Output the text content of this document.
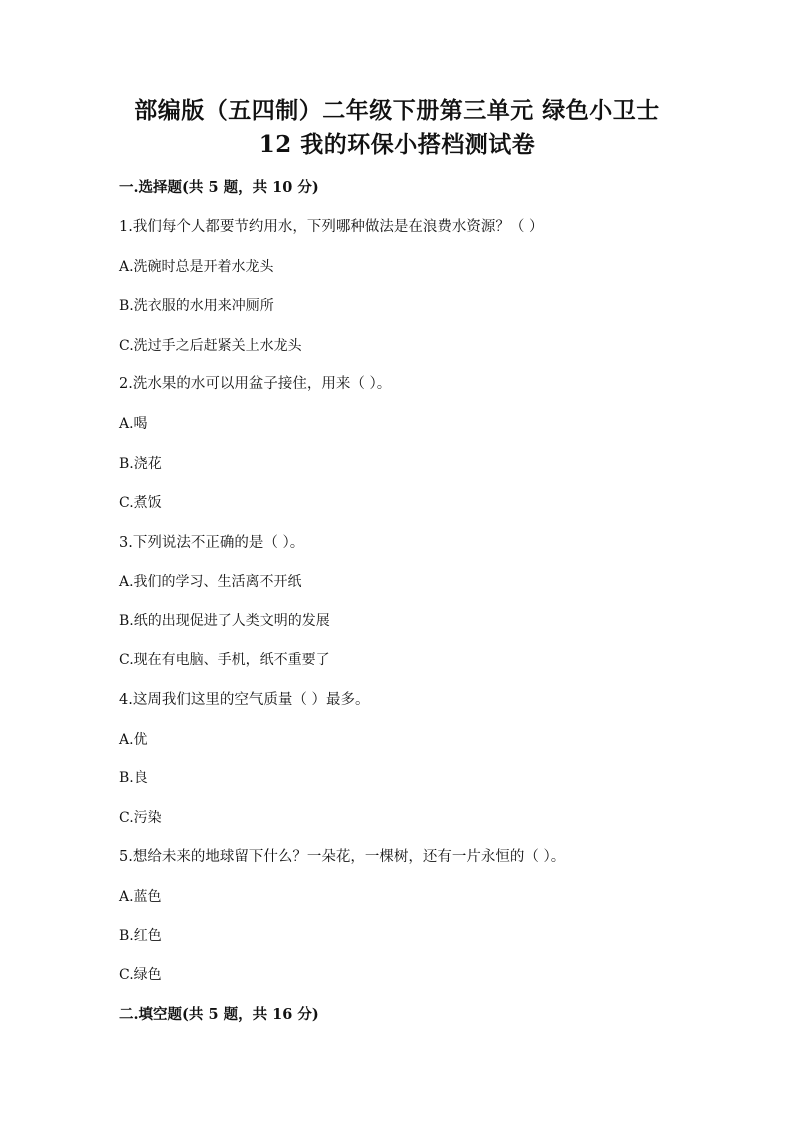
部编版（五四制）二年级下册第三单元 绿色小卫士
12 我的环保小搭档测试卷
一.选择题(共 5 题，共 10 分)
1.我们每个人都要节约用水，下列哪种做法是在浪费水资源？（ ）
A.洗碗时总是开着水龙头
B.洗衣服的水用来冲厕所
C.洗过手之后赶紧关上水龙头
2.洗水果的水可以用盆子接住，用来（ ）。
A.喝
B.浇花
C.煮饭
3.下列说法不正确的是（ ）。
A.我们的学习、生活离不开纸
B.纸的出现促进了人类文明的发展
C.现在有电脑、手机，纸不重要了
4.这周我们这里的空气质量（ ）最多。
A.优
B.良
C.污染
5.想给未来的地球留下什么？一朵花，一棵树，还有一片永恒的（ ）。
A.蓝色
B.红色
C.绿色
二.填空题(共 5 题，共 16 分)
